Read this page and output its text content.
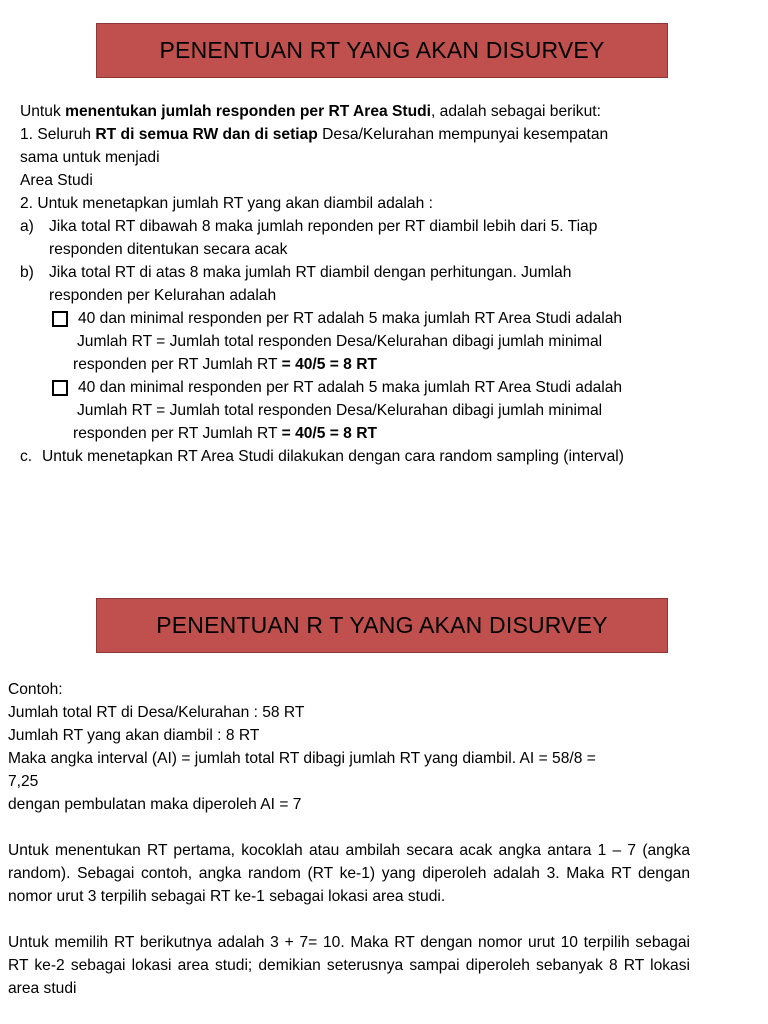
PENENTUAN RT YANG AKAN DISURVEY
Untuk menentukan jumlah responden per RT Area Studi, adalah sebagai berikut:
1. Seluruh RT di semua RW dan di setiap Desa/Kelurahan mempunyai kesempatan
sama untuk menjadi
Area Studi
2. Untuk menetapkan jumlah RT yang akan diambil adalah :
a) Jika total RT dibawah 8 maka jumlah reponden per RT diambil lebih dari 5. Tiap
responden ditentukan secara acak
b) Jika total RT di atas 8 maka jumlah RT diambil dengan perhitungan. Jumlah
responden per Kelurahan adalah
40 dan minimal responden per RT adalah 5 maka jumlah RT Area Studi adalah
Jumlah RT = Jumlah total responden Desa/Kelurahan dibagi jumlah minimal
responden per RT Jumlah RT = 40/5 = 8 RT
40 dan minimal responden per RT adalah 5 maka jumlah RT Area Studi adalah
Jumlah RT = Jumlah total responden Desa/Kelurahan dibagi jumlah minimal
responden per RT Jumlah RT = 40/5 = 8 RT
c. Untuk menetapkan RT Area Studi dilakukan dengan cara random sampling (interval)
PENENTUAN R T YANG AKAN DISURVEY
Contoh:
Jumlah total RT di Desa/Kelurahan : 58 RT
Jumlah RT yang akan diambil : 8 RT
Maka angka interval (AI) = jumlah total RT dibagi jumlah RT yang diambil. AI = 58/8 =
7,25
dengan pembulatan maka diperoleh AI = 7
Untuk menentukan RT pertama, kocoklah atau ambilah secara acak angka antara 1 – 7 (angka random). Sebagai contoh, angka random (RT ke-1) yang diperoleh adalah 3. Maka RT dengan nomor urut 3 terpilih sebagai RT ke-1 sebagai lokasi area studi.
Untuk memilih RT berikutnya adalah 3 + 7= 10. Maka RT dengan nomor urut 10 terpilih sebagai RT ke-2 sebagai lokasi area studi; demikian seterusnya sampai diperoleh sebanyak 8 RT lokasi area studi
